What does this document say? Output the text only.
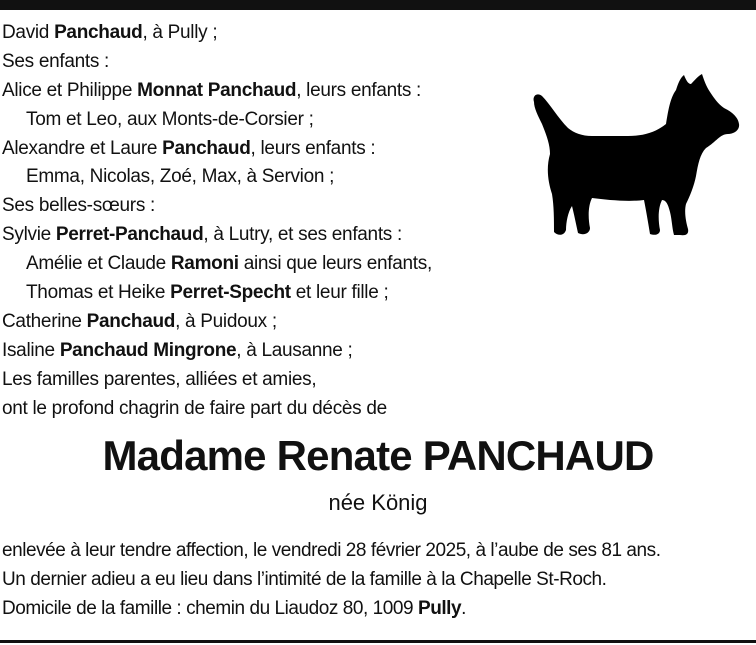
David Panchaud, à Pully ;
Ses enfants :
Alice et Philippe Monnat Panchaud, leurs enfants :
Tom et Leo, aux Monts-de-Corsier ;
Alexandre et Laure Panchaud, leurs enfants :
Emma, Nicolas, Zoé, Max, à Servion ;
Ses belles-sœurs :
Sylvie Perret-Panchaud, à Lutry, et ses enfants :
Amélie et Claude Ramoni ainsi que leurs enfants,
Thomas et Heike Perret-Specht et leur fille ;
Catherine Panchaud, à Puidoux ;
Isaline Panchaud Mingrone, à Lausanne ;
Les familles parentes, alliées et amies,
ont le profond chagrin de faire part du décès de
Madame Renate PANCHAUD
née König
enlevée à leur tendre affection, le vendredi 28 février 2025, à l’aube de ses 81 ans.
Un dernier adieu a eu lieu dans l’intimité de la famille à la Chapelle St-Roch.
Domicile de la famille : chemin du Liaudoz 80, 1009 Pully.
